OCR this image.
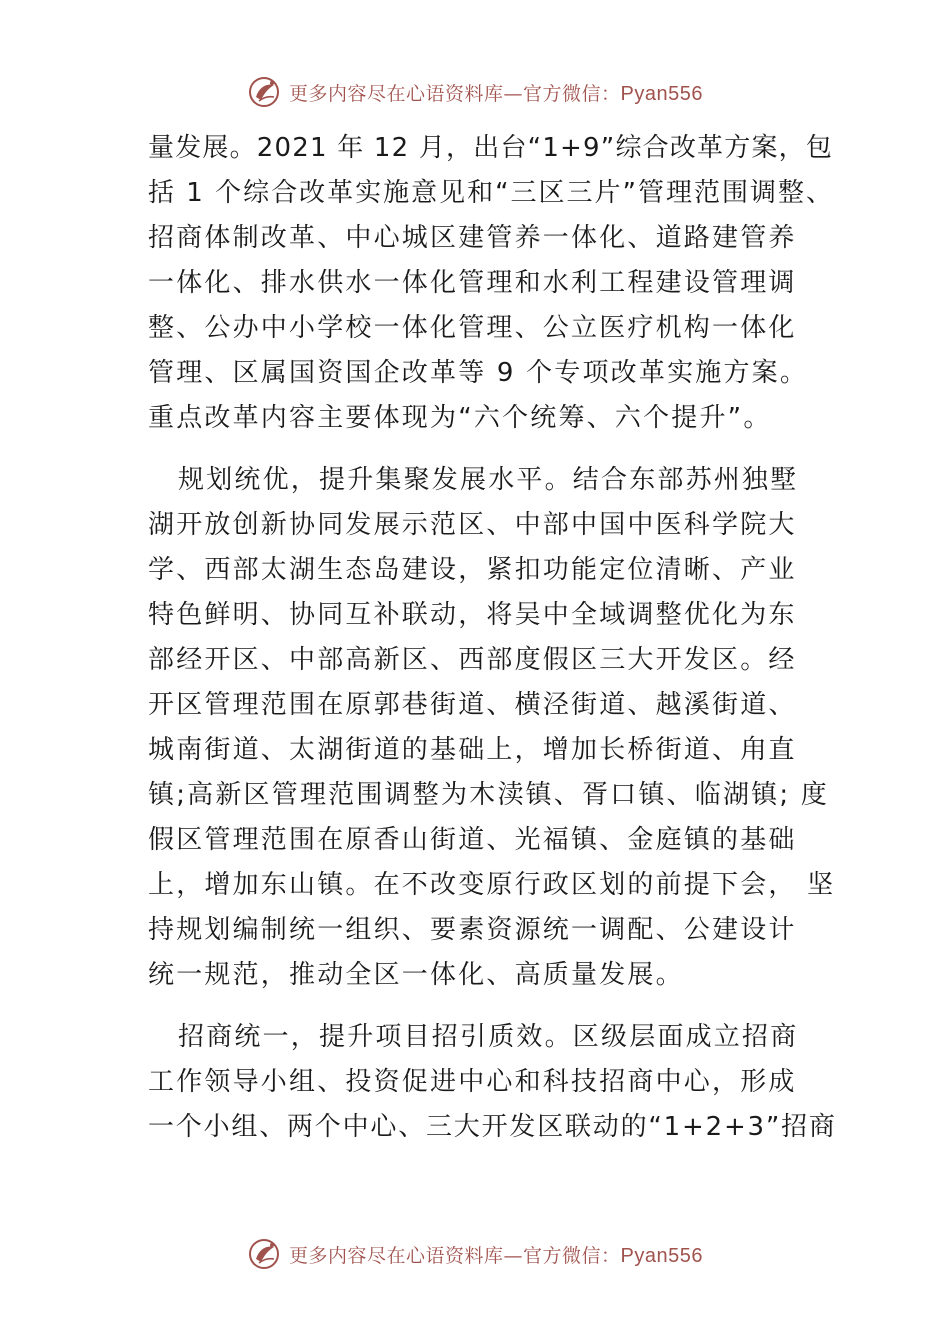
更多内容尽在心语资料库—官方微信：Pyan556
量发展。2021 年 12 月，出台“1+9”综合改革方案，包
括 1 个综合改革实施意见和“三区三片”管理范围调整、
招商体制改革、中心城区建管养一体化、道路建管养
一体化、排水供水一体化管理和水利工程建设管理调
整、公办中小学校一体化管理、公立医疗机构一体化
管理、区属国资国企改革等 9 个专项改革实施方案。
重点改革内容主要体现为“六个统筹、六个提升”。
规划统优，提升集聚发展水平。结合东部苏州独墅
湖开放创新协同发展示范区、中部中国中医科学院大
学、西部太湖生态岛建设，紧扣功能定位清晰、产业
特色鲜明、协同互补联动，将吴中全域调整优化为东
部经开区、中部高新区、西部度假区三大开发区。经
开区管理范围在原郭巷街道、横泾街道、越溪街道、
城南街道、太湖街道的基础上，增加长桥街道、甪直
镇;高新区管理范围调整为木渎镇、胥口镇、临湖镇; 度
假区管理范围在原香山街道、光福镇、金庭镇的基础
上，增加东山镇。在不改变原行政区划的前提下会， 坚
持规划编制统一组织、要素资源统一调配、公建设计
统一规范，推动全区一体化、高质量发展。
招商统一，提升项目招引质效。区级层面成立招商
工作领导小组、投资促进中心和科技招商中心，形成
一个小组、两个中心、三大开发区联动的“1+2+3”招商
更多内容尽在心语资料库—官方微信：Pyan556
